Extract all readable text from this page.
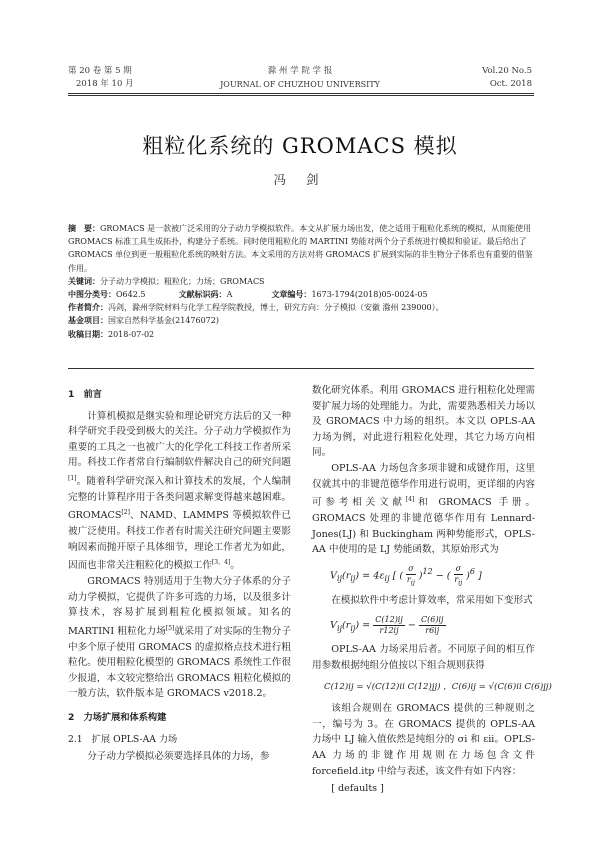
第 20 卷 第 5 期
2018 年 10 月
滁 州 学 院 学 报
JOURNAL OF CHUZHOU UNIVERSITY
Vol.20 No.5
Oct. 2018
粗粒化系统的 GROMACS 模拟
冯 剑

摘　要：GROMACS 是一款被广泛采用的分子动力学模拟软件。本文从扩展力场出发，使之适用于粗粒化系统的模拟，从而能使用 GROMACS 标准工具生成拓扑，构建分子系统。同时使用粗粒化的 MARTINI 势能对两个分子系统进行模拟和验证。最后给出了 GROMACS 单位到更一般粗粒化系统的映射方法。本文采用的方法对将 GROMACS 扩展到实际的非生物分子体系也有重要的借鉴作用。

关键词：分子动力学模拟；粗粒化；力场；GROMACS

中图分类号：O642.5	文献标识码：A	文章编号：1673-1794(2018)05-0024-05

作者简介：冯剑，滁州学院材料与化学工程学院教授，博士，研究方向：分子模拟（安徽 滁州 239000）。

基金项目：国家自然科学基金(21476072)

收稿日期：2018-07-02

1　前言

计算机模拟是继实验和理论研究方法后的又一种科学研究手段受到极大的关注。分子动力学模拟作为重要的工具之一也被广大的化学化工科技工作者所采用。科技工作者常自行编制软件解决自己的研究问题[1]。随着科学研究深入和计算技术的发展，个人编制完整的计算程序用于各类问题求解变得越来越困难。GROMACS[2]、NAMD、LAMMPS 等模拟软件已被广泛使用。科技工作者有时需关注研究问题主要影响因素而抛开原子具体细节，理论工作者尤为如此，因而也非常关注粗粒化的模拟工作[3，4]。

GROMACS 特别适用于生物大分子体系的分子动力学模拟，它提供了许多可选的力场，以及很多计算技术，容易扩展到粗粒化模拟领域。知名的 MARTINI 粗粒化力场[5]就采用了对实际的生物分子中多个原子使用 GROMACS 的虚拟格点技术进行粗粒化。使用粗粒化模型的 GROMACS 系统性工作很少报道，本文较完整给出 GROMACS 粗粒化模拟的一般方法，软件版本是 GROMACS v2018.2。

2　力场扩展和体系构建
2.1　扩展 OPLS-AA 力场

分子动力学模拟必须要选择具体的力场，参

数化研究体系。利用 GROMACS 进行粗粒化处理需要扩展力场的处理能力。为此，需要熟悉相关力场以及 GROMACS 中力场的组织。本文以 OPLS-AA 力场为例，对此进行粗粒化处理，其它力场方向相同。

OPLS-AA 力场包含多项非键和成键作用，这里仅就其中的非键范德华作用进行说明，更详细的内容可参考相关文献[4]和 GROMACS 手册。GROMACS 处理的非键范德华作用有 Lennard-Jones(LJ) 和 Buckingham 两种势能形式，OPLS-AA 中使用的是 LJ 势能函数，其原始形式为

$V_{ij}(r_{ij}) = 4\varepsilon_{ij}$ [ ( $\frac{\sigma}{r_{ij}} )^{12}$ − ( $\frac{\sigma}{r_{ij}} )^6$ ]

在模拟软件中考虑计算效率，常采用如下变形式

$V_{ij}(r_{ij}) = \frac{C(12)ij}{r12ij} - \frac{C(6)ij}{r6ij}$

OPLS-AA 力场采用后者。不同原子间的相互作用参数根据纯组分值按以下组合规则获得

C(12)ij = √(C(12)ii C(12)jj) ，C(6)ij = √(C(6)ii C(6)jj)

该组合规则在 GROMACS 提供的三种规则之一，编号为 3。在 GROMACS 提供的 OPLS-AA 力场中 LJ 输入值依然是纯组分的 σi 和 εii。OPLS-AA 力场的非键作用规则在力场包含文件 forcefield.itp 中给与表述，该文件有如下内容：

[ defaults ]
